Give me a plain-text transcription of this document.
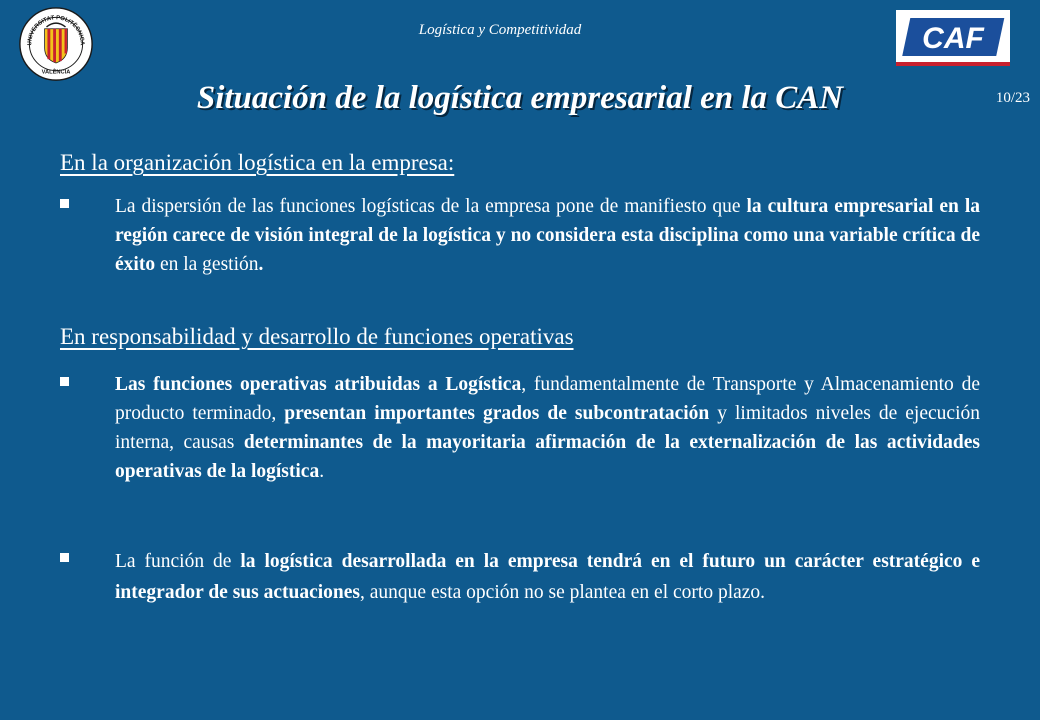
UNIVERSITAT POLITÈCNICA
VALÈNCIA
Logística y Competitividad	CAF
10/23
Situación de la logística empresarial en la CAN
En la organización logística en la empresa:
La dispersión de las funciones logísticas de la empresa pone de manifiesto que la cultura empresarial en la región carece de visión integral de la logística y no considera esta disciplina como una variable crítica de éxito en la gestión.
En responsabilidad y desarrollo de funciones operativas
Las funciones operativas atribuidas a Logística, fundamentalmente de Transporte y Almacenamiento de producto terminado, presentan importantes grados de subcontratación y limitados niveles de ejecución interna, causas determinantes de la mayoritaria afirmación de la externalización de las actividades operativas de la logística.
La función de la logística desarrollada en la empresa tendrá en el futuro un carácter estratégico e integrador de sus actuaciones, aunque esta opción no se plantea en el corto plazo.
